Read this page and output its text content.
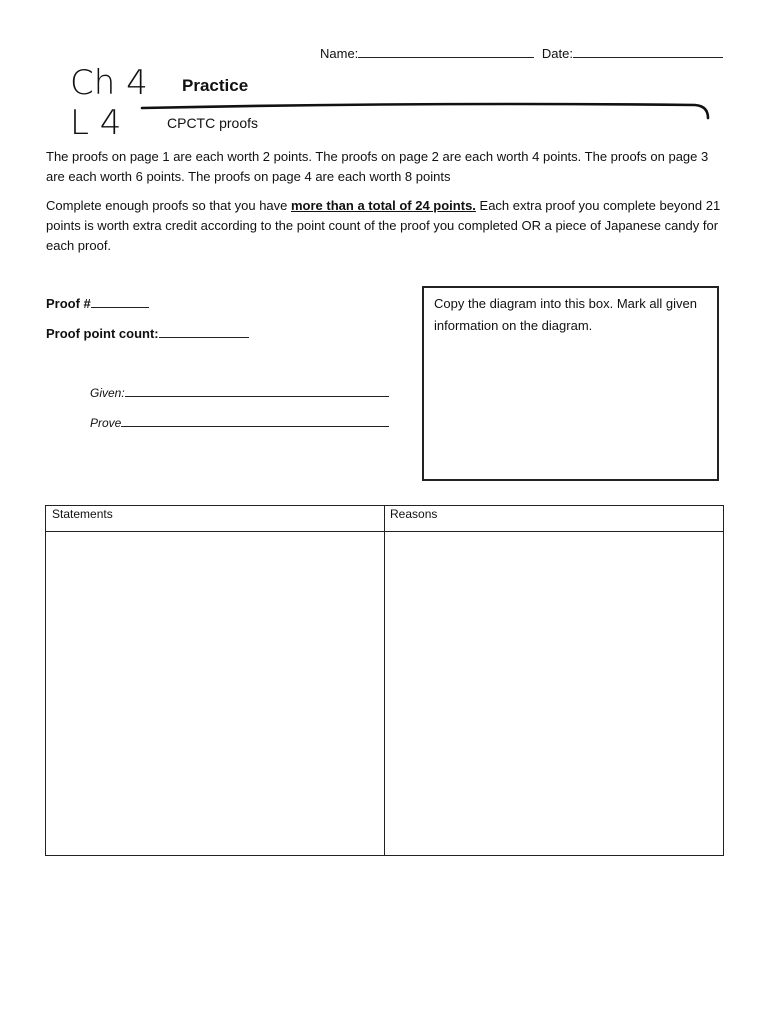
Name:	Date:
Ch 4
L 4
Practice
CPCTC proofs
The proofs on page 1 are each worth 2 points. The proofs on page 2 are each worth 4 points. The proofs on page 3 are each worth 6 points. The proofs on page 4 are each worth 8 points
Complete enough proofs so that you have more than a total of 24 points. Each extra proof you complete beyond 21 points is worth extra credit according to the point count of the proof you completed OR a piece of Japanese candy for each proof.
Proof #
Proof point count:
Given:
Prove
Copy the diagram into this box. Mark all given information on the diagram.
Statements	Reasons
